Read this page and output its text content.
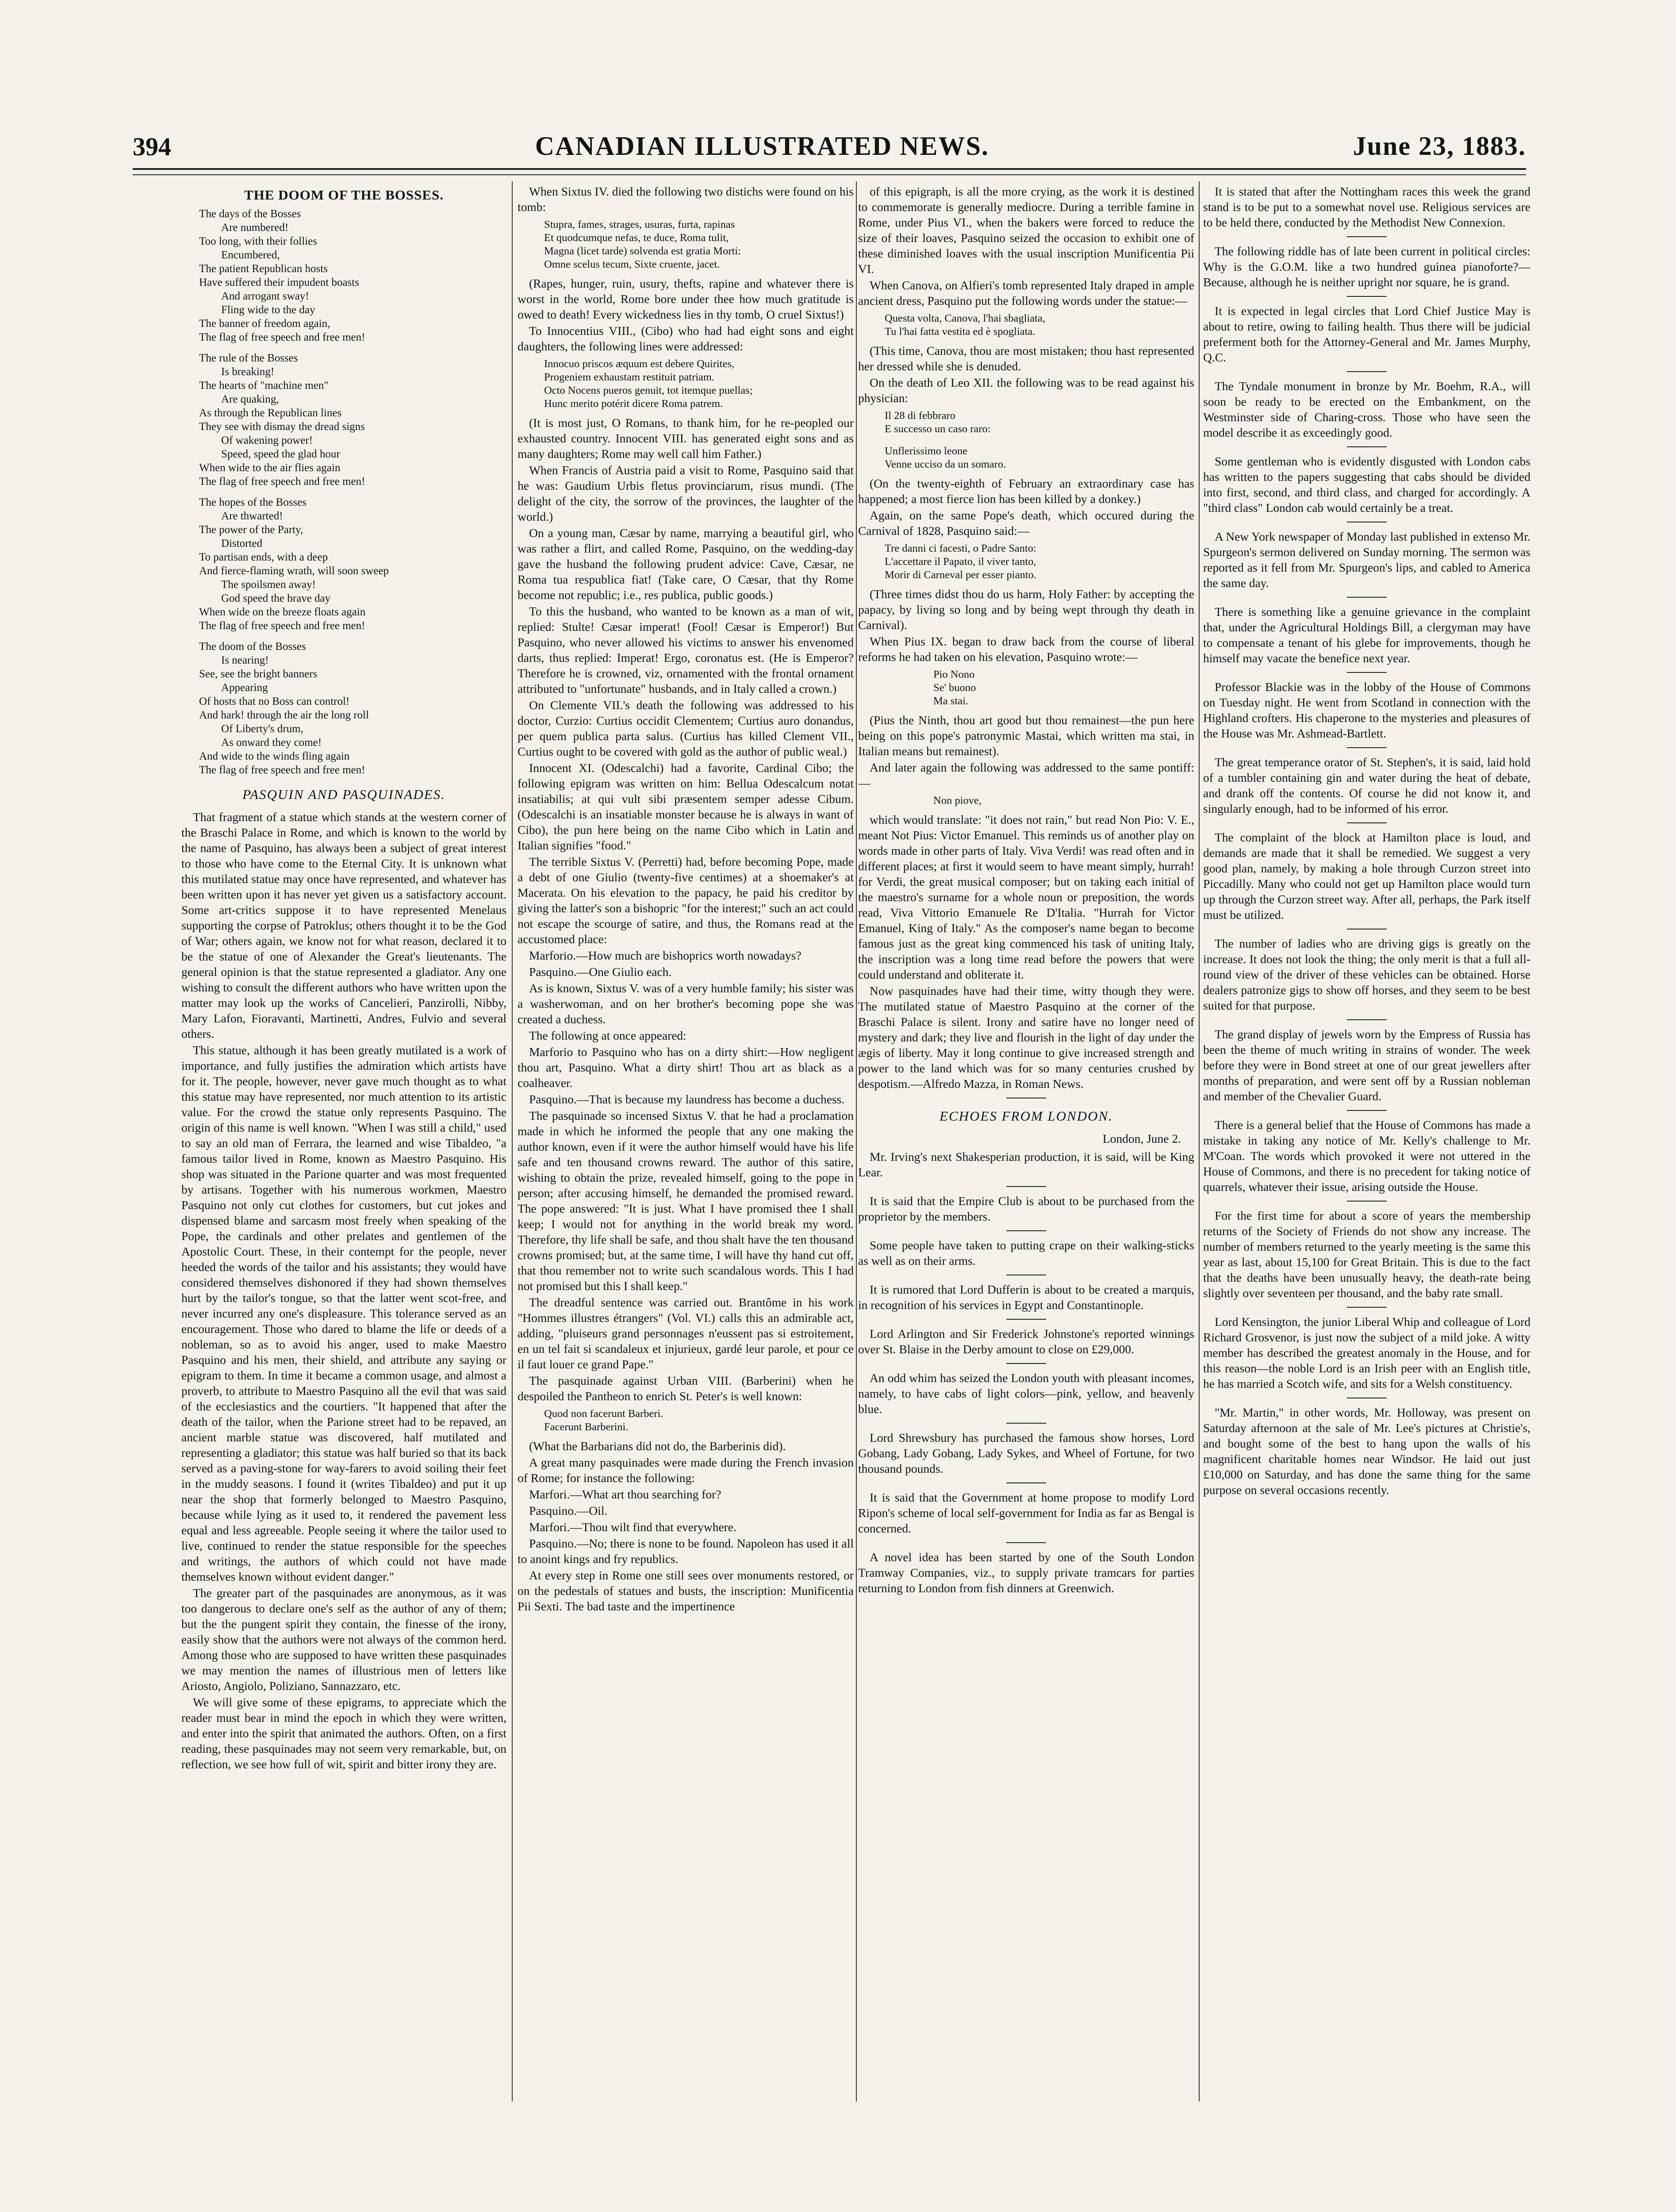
394	CANADIAN ILLUSTRATED NEWS.	June 23, 1883.
THE DOOM OF THE BOSSES.
The days of the Bosses
Are numbered!
Too long, with their follies
Encumbered,
The patient Republican hosts
Have suffered their impudent boasts
And arrogant sway!
Fling wide to the day
The banner of freedom again,
The flag of free speech and free men!
The rule of the Bosses
Is breaking!
The hearts of "machine men"
Are quaking,
As through the Republican lines
They see with dismay the dread signs
Of wakening power!
Speed, speed the glad hour
When wide to the air flies again
The flag of free speech and free men!
The hopes of the Bosses
Are thwarted!
The power of the Party,
Distorted
To partisan ends, with a deep
And fierce-flaming wrath, will soon sweep
The spoilsmen away!
God speed the brave day
When wide on the breeze floats again
The flag of free speech and free men!
The doom of the Bosses
Is nearing!
See, see the bright banners
Appearing
Of hosts that no Boss can control!
And hark! through the air the long roll
Of Liberty's drum,
As onward they come!
And wide to the winds fling again
The flag of free speech and free men!
PASQUIN AND PASQUINADES.

That fragment of a statue which stands at the western corner of the Braschi Palace in Rome, and which is known to the world by the name of Pasquino, has always been a subject of great interest to those who have come to the Eternal City. It is unknown what this mutilated statue may once have represented, and whatever has been written upon it has never yet given us a satisfactory account. Some art-critics suppose it to have represented Menelaus supporting the corpse of Patroklus; others thought it to be the God of War; others again, we know not for what reason, declared it to be the statue of one of Alexander the Great's lieutenants. The general opinion is that the statue represented a gladiator. Any one wishing to consult the different authors who have written upon the matter may look up the works of Cancelieri, Panzirolli, Nibby, Mary Lafon, Fioravanti, Martinetti, Andres, Fulvio and several others.

This statue, although it has been greatly mutilated is a work of importance, and fully justifies the admiration which artists have for it. The people, however, never gave much thought as to what this statue may have represented, nor much attention to its artistic value. For the crowd the statue only represents Pasquino. The origin of this name is well known. "When I was still a child," used to say an old man of Ferrara, the learned and wise Tibaldeo, "a famous tailor lived in Rome, known as Maestro Pasquino. His shop was situated in the Parione quarter and was most frequented by artisans. Together with his numerous workmen, Maestro Pasquino not only cut clothes for customers, but cut jokes and dispensed blame and sarcasm most freely when speaking of the Pope, the cardinals and other prelates and gentlemen of the Apostolic Court. These, in their contempt for the people, never heeded the words of the tailor and his assistants; they would have considered themselves dishonored if they had shown themselves hurt by the tailor's tongue, so that the latter went scot-free, and never incurred any one's displeasure. This tolerance served as an encouragement. Those who dared to blame the life or deeds of a nobleman, so as to avoid his anger, used to make Maestro Pasquino and his men, their shield, and attribute any saying or epigram to them. In time it became a common usage, and almost a proverb, to attribute to Maestro Pasquino all the evil that was said of the ecclesiastics and the courtiers. "It happened that after the death of the tailor, when the Parione street had to be repaved, an ancient marble statue was discovered, half mutilated and representing a gladiator; this statue was half buried so that its back served as a paving-stone for way-farers to avoid soiling their feet in the muddy seasons. I found it (writes Tibaldeo) and put it up near the shop that formerly belonged to Maestro Pasquino, because while lying as it used to, it rendered the pavement less equal and less agreeable. People seeing it where the tailor used to live, continued to render the statue responsible for the speeches and writings, the authors of which could not have made themselves known without evident danger."

The greater part of the pasquinades are anonymous, as it was too dangerous to declare one's self as the author of any of them; but the the pungent spirit they contain, the finesse of the irony, easily show that the authors were not always of the common herd. Among those who are supposed to have written these pasquinades we may mention the names of illustrious men of letters like Ariosto, Angiolo, Poliziano, Sannazzaro, etc.

We will give some of these epigrams, to appreciate which the reader must bear in mind the epoch in which they were written, and enter into the spirit that animated the authors. Often, on a first reading, these pasquinades may not seem very remarkable, but, on reflection, we see how full of wit, spirit and bitter irony they are.

When Sixtus IV. died the following two distichs were found on his tomb:

Stupra, fames, strages, usuras, furta, rapinas
Et quodcumque nefas, te duce, Roma tulit,
Magna (licet tarde) solvenda est gratia Morti:
Omne scelus tecum, Sixte cruente, jacet.

(Rapes, hunger, ruin, usury, thefts, rapine and whatever there is worst in the world, Rome bore under thee how much gratitude is owed to death! Every wickedness lies in thy tomb, O cruel Sixtus!)

To Innocentius VIII., (Cibo) who had had eight sons and eight daughters, the following lines were addressed:

Innocuo priscos æquum est debere Quirites,
Progeniem exhaustam restituit patriam.
Octo Nocens pueros genuit, tot itemque puellas;
Hunc merito potérit dicere Roma patrem.

(It is most just, O Romans, to thank him, for he re-peopled our exhausted country. Innocent VIII. has generated eight sons and as many daughters; Rome may well call him Father.)

When Francis of Austria paid a visit to Rome, Pasquino said that he was: Gaudium Urbis fletus provinciarum, risus mundi. (The delight of the city, the sorrow of the provinces, the laughter of the world.)

On a young man, Cæsar by name, marrying a beautiful girl, who was rather a flirt, and called Rome, Pasquino, on the wedding-day gave the husband the following prudent advice: Cave, Cæsar, ne Roma tua respublica fiat! (Take care, O Cæsar, that thy Rome become not republic; i.e., res publica, public goods.)

To this the husband, who wanted to be known as a man of wit, replied: Stulte! Cæsar imperat! (Fool! Cæsar is Emperor!) But Pasquino, who never allowed his victims to answer his envenomed darts, thus replied: Imperat! Ergo, coronatus est. (He is Emperor? Therefore he is crowned, viz, ornamented with the frontal ornament attributed to "unfortunate" husbands, and in Italy called a crown.)

On Clemente VII.'s death the following was addressed to his doctor, Curzio: Curtius occidit Clementem; Curtius auro donandus, per quem publica parta salus. (Curtius has killed Clement VII., Curtius ought to be covered with gold as the author of public weal.)

Innocent XI. (Odescalchi) had a favorite, Cardinal Cibo; the following epigram was written on him: Bellua Odescalcum notat insatiabilis; at qui vult sibi præsentem semper adesse Cibum. (Odescalchi is an insatiable monster because he is always in want of Cibo), the pun here being on the name Cibo which in Latin and Italian signifies "food."

The terrible Sixtus V. (Perretti) had, before becoming Pope, made a debt of one Giulio (twenty-five centimes) at a shoemaker's at Macerata. On his elevation to the papacy, he paid his creditor by giving the latter's son a bishopric "for the interest;" such an act could not escape the scourge of satire, and thus, the Romans read at the accustomed place:

Marforio.—How much are bishoprics worth nowadays?

Pasquino.—One Giulio each.

As is known, Sixtus V. was of a very humble family; his sister was a washerwoman, and on her brother's becoming pope she was created a duchess.

The following at once appeared:

Marforio to Pasquino who has on a dirty shirt:—How negligent thou art, Pasquino. What a dirty shirt! Thou art as black as a coalheaver.

Pasquino.—That is because my laundress has become a duchess.

The pasquinade so incensed Sixtus V. that he had a proclamation made in which he informed the people that any one making the author known, even if it were the author himself would have his life safe and ten thousand crowns reward. The author of this satire, wishing to obtain the prize, revealed himself, going to the pope in person; after accusing himself, he demanded the promised reward. The pope answered: "It is just. What I have promised thee I shall keep; I would not for anything in the world break my word. Therefore, thy life shall be safe, and thou shalt have the ten thousand crowns promised; but, at the same time, I will have thy hand cut off, that thou remember not to write such scandalous words. This I had not promised but this I shall keep."

The dreadful sentence was carried out. Brantôme in his work "Hommes illustres étrangers" (Vol. VI.) calls this an admirable act, adding, "pluiseurs grand personnages n'eussent pas si estroitement, en un tel fait si scandaleux et injurieux, gardé leur parole, et pour ce il faut louer ce grand Pape."

The pasquinade against Urban VIII. (Barberini) when he despoiled the Pantheon to enrich St. Peter's is well known:

Quod non facerunt Barberi.
Facerunt Barberini.

(What the Barbarians did not do, the Barberinis did).

A great many pasquinades were made during the French invasion of Rome; for instance the following:

Marfori.—What art thou searching for?

Pasquino.—Oil.

Marfori.—Thou wilt find that everywhere.

Pasquino.—No; there is none to be found. Napoleon has used it all to anoint kings and fry republics.

At every step in Rome one still sees over monuments restored, or on the pedestals of statues and busts, the inscription: Munificentia Pii Sexti. The bad taste and the impertinence

of this epigraph, is all the more crying, as the work it is destined to commemorate is generally mediocre. During a terrible famine in Rome, under Pius VI., when the bakers were forced to reduce the size of their loaves, Pasquino seized the occasion to exhibit one of these diminished loaves with the usual inscription Munificentia Pii VI.

When Canova, on Alfieri's tomb represented Italy draped in ample ancient dress, Pasquino put the following words under the statue:—

Questa volta, Canova, l'hai sbagliata,
Tu l'hai fatta vestita ed è spogliata.

(This time, Canova, thou are most mistaken; thou hast represented her dressed while she is denuded.

On the death of Leo XII. the following was to be read against his physician:

Il 28 di febbraro
E successo un caso raro:
Unflerissimo leone
Venne ucciso da un somaro.

(On the twenty-eighth of February an extraordinary case has happened; a most fierce lion has been killed by a donkey.)

Again, on the same Pope's death, which occured during the Carnival of 1828, Pasquino said:—

Tre danni ci facesti, o Padre Santo:
L'accettare il Papato, il viver tanto,
Morir di Carneval per esser pianto.

(Three times didst thou do us harm, Holy Father: by accepting the papacy, by living so long and by being wept through thy death in Carnival).

When Pius IX. began to draw back from the course of liberal reforms he had taken on his elevation, Pasquino wrote:—

Pio Nono
Se' buono
Ma stai.

(Pius the Ninth, thou art good but thou remainest—the pun here being on this pope's patronymic Mastai, which written ma stai, in Italian means but remainest).

And later again the following was addressed to the same pontiff:—

Non piove,

which would translate: "it does not rain," but read Non Pio: V. E., meant Not Pius: Victor Emanuel. This reminds us of another play on words made in other parts of Italy. Viva Verdi! was read often and in different places; at first it would seem to have meant simply, hurrah! for Verdi, the great musical composer; but on taking each initial of the maestro's surname for a whole noun or preposition, the words read, Viva Vittorio Emanuele Re D'Italia. "Hurrah for Victor Emanuel, King of Italy." As the composer's name began to become famous just as the great king commenced his task of uniting Italy, the inscription was a long time read before the powers that were could understand and obliterate it.

Now pasquinades have had their time, witty though they were. The mutilated statue of Maestro Pasquino at the corner of the Braschi Palace is silent. Irony and satire have no longer need of mystery and dark; they live and flourish in the light of day under the ægis of liberty. May it long continue to give increased strength and power to the land which was for so many centuries crushed by despotism.—Alfredo Mazza, in Roman News.

ECHOES FROM LONDON.
London, June 2.

Mr. Irving's next Shakesperian production, it is said, will be King Lear.

It is said that the Empire Club is about to be purchased from the proprietor by the members.

Some people have taken to putting crape on their walking-sticks as well as on their arms.

It is rumored that Lord Dufferin is about to be created a marquis, in recognition of his services in Egypt and Constantinople.

Lord Arlington and Sir Frederick Johnstone's reported winnings over St. Blaise in the Derby amount to close on £29,000.

An odd whim has seized the London youth with pleasant incomes, namely, to have cabs of light colors—pink, yellow, and heavenly blue.

Lord Shrewsbury has purchased the famous show horses, Lord Gobang, Lady Gobang, Lady Sykes, and Wheel of Fortune, for two thousand pounds.

It is said that the Government at home propose to modify Lord Ripon's scheme of local self-government for India as far as Bengal is concerned.

A novel idea has been started by one of the South London Tramway Companies, viz., to supply private tramcars for parties returning to London from fish dinners at Greenwich.

It is stated that after the Nottingham races this week the grand stand is to be put to a somewhat novel use. Religious services are to be held there, conducted by the Methodist New Connexion.

The following riddle has of late been current in political circles: Why is the G.O.M. like a two hundred guinea pianoforte?—Because, although he is neither upright nor square, he is grand.

It is expected in legal circles that Lord Chief Justice May is about to retire, owing to failing health. Thus there will be judicial preferment both for the Attorney-General and Mr. James Murphy, Q.C.

The Tyndale monument in bronze by Mr. Boehm, R.A., will soon be ready to be erected on the Embankment, on the Westminster side of Charing-cross. Those who have seen the model describe it as exceedingly good.

Some gentleman who is evidently disgusted with London cabs has written to the papers suggesting that cabs should be divided into first, second, and third class, and charged for accordingly. A "third class" London cab would certainly be a treat.

A New York newspaper of Monday last published in extenso Mr. Spurgeon's sermon delivered on Sunday morning. The sermon was reported as it fell from Mr. Spurgeon's lips, and cabled to America the same day.

There is something like a genuine grievance in the complaint that, under the Agricultural Holdings Bill, a clergyman may have to compensate a tenant of his glebe for improvements, though he himself may vacate the benefice next year.

Professor Blackie was in the lobby of the House of Commons on Tuesday night. He went from Scotland in connection with the Highland crofters. His chaperone to the mysteries and pleasures of the House was Mr. Ashmead-Bartlett.

The great temperance orator of St. Stephen's, it is said, laid hold of a tumbler containing gin and water during the heat of debate, and drank off the contents. Of course he did not know it, and singularly enough, had to be informed of his error.

The complaint of the block at Hamilton place is loud, and demands are made that it shall be remedied. We suggest a very good plan, namely, by making a hole through Curzon street into Piccadilly. Many who could not get up Hamilton place would turn up through the Curzon street way. After all, perhaps, the Park itself must be utilized.

The number of ladies who are driving gigs is greatly on the increase. It does not look the thing; the only merit is that a full all-round view of the driver of these vehicles can be obtained. Horse dealers patronize gigs to show off horses, and they seem to be best suited for that purpose.

The grand display of jewels worn by the Empress of Russia has been the theme of much writing in strains of wonder. The week before they were in Bond street at one of our great jewellers after months of preparation, and were sent off by a Russian nobleman and member of the Chevalier Guard.

There is a general belief that the House of Commons has made a mistake in taking any notice of Mr. Kelly's challenge to Mr. M'Coan. The words which provoked it were not uttered in the House of Commons, and there is no precedent for taking notice of quarrels, whatever their issue, arising outside the House.

For the first time for about a score of years the membership returns of the Society of Friends do not show any increase. The number of members returned to the yearly meeting is the same this year as last, about 15,100 for Great Britain. This is due to the fact that the deaths have been unusually heavy, the death-rate being slightly over seventeen per thousand, and the baby rate small.

Lord Kensington, the junior Liberal Whip and colleague of Lord Richard Grosvenor, is just now the subject of a mild joke. A witty member has described the greatest anomaly in the House, and for this reason—the noble Lord is an Irish peer with an English title, he has married a Scotch wife, and sits for a Welsh constituency.

"Mr. Martin," in other words, Mr. Holloway, was present on Saturday afternoon at the sale of Mr. Lee's pictures at Christie's, and bought some of the best to hang upon the walls of his magnificent charitable homes near Windsor. He laid out just £10,000 on Saturday, and has done the same thing for the same purpose on several occasions recently.
